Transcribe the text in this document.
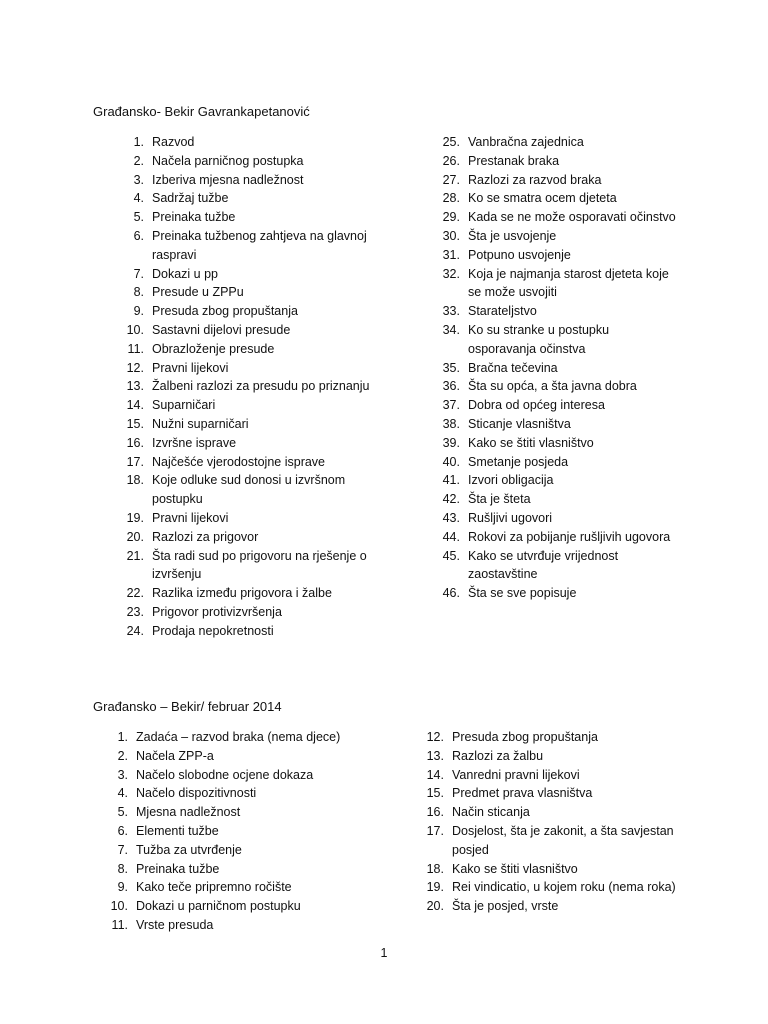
Građansko- Bekir Gavrankapetanović
1. Razvod
2. Načela parničnog postupka
3. Izberiva mjesna nadležnost
4. Sadržaj tužbe
5. Preinaka tužbe
6. Preinaka tužbenog zahtjeva na glavnoj raspravi
7. Dokazi u pp
8. Presude u ZPPu
9. Presuda zbog propuštanja
10. Sastavni dijelovi presude
11. Obrazloženje presude
12. Pravni lijekovi
13. Žalbeni razlozi za presudu po priznanju
14. Suparničari
15. Nužni suparničari
16. Izvršne isprave
17. Najčešće vjerodostojne isprave
18. Koje odluke sud donosi u izvršnom postupku
19. Pravni lijekovi
20. Razlozi za prigovor
21. Šta radi sud po prigovoru na rješenje o izvršenju
22. Razlika između prigovora i žalbe
23. Prigovor protivizvršenja
24. Prodaja nepokretnosti
25. Vanbračna zajednica
26. Prestanak braka
27. Razlozi za razvod braka
28. Ko se smatra ocem djeteta
29. Kada se ne može osporavati očinstvo
30. Šta je usvojenje
31. Potpuno usvojenje
32. Koja je najmanja starost djeteta koje se može usvojiti
33. Starateljstvo
34. Ko su stranke u postupku osporavanja očinstva
35. Bračna tečevina
36. Šta su opća, a šta javna dobra
37. Dobra od općeg interesa
38. Sticanje vlasništva
39. Kako se štiti vlasništvo
40. Smetanje posjeda
41. Izvori obligacija
42. Šta je šteta
43. Rušljivi ugovori
44. Rokovi za pobijanje rušljivih ugovora
45. Kako se utvrđuje vrijednost zaostavštine
46. Šta se sve popisuje
Građansko – Bekir/ februar 2014
1. Zadaća – razvod braka (nema djece)
2. Načela ZPP-a
3. Načelo slobodne ocjene dokaza
4. Načelo dispozitivnosti
5. Mjesna nadležnost
6. Elementi tužbe
7. Tužba za utvrđenje
8. Preinaka tužbe
9. Kako teče pripremno ročište
10. Dokazi u parničnom postupku
11. Vrste presuda
12. Presuda zbog propuštanja
13. Razlozi za žalbu
14. Vanredni pravni lijekovi
15. Predmet prava vlasništva
16. Način sticanja
17. Dosjelost, šta je zakonit, a šta savjestan posjed
18. Kako se štiti vlasništvo
19. Rei vindicatio, u kojem roku (nema roka)
20. Šta je posjed, vrste
1
